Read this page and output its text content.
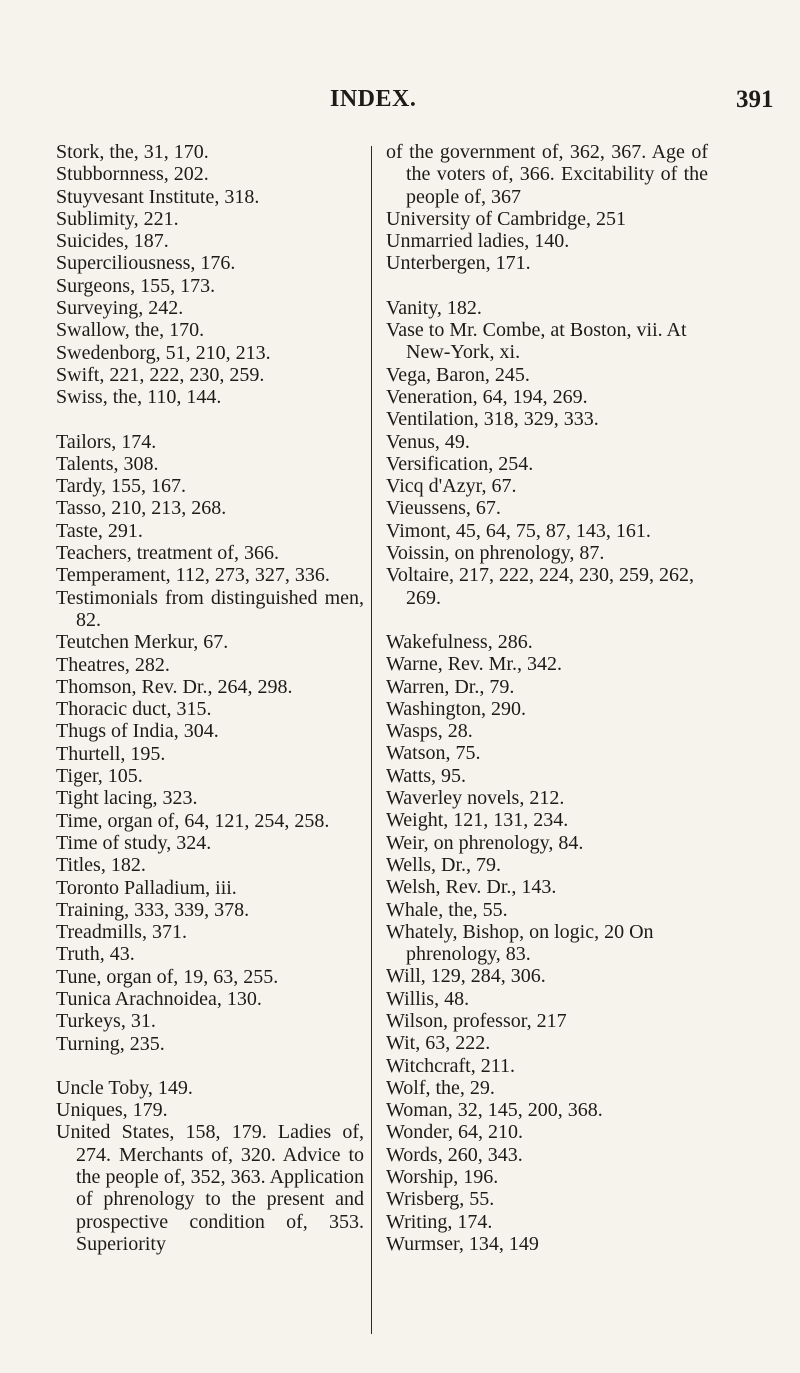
INDEX.	391
Stork, the, 31, 170.
Stubbornness, 202.
Stuyvesant Institute, 318.
Sublimity, 221.
Suicides, 187.
Superciliousness, 176.
Surgeons, 155, 173.
Surveying, 242.
Swallow, the, 170.
Swedenborg, 51, 210, 213.
Swift, 221, 222, 230, 259.
Swiss, the, 110, 144.
Tailors, 174.
Talents, 308.
Tardy, 155, 167.
Tasso, 210, 213, 268.
Taste, 291.
Teachers, treatment of, 366.
Temperament, 112, 273, 327, 336.
Testimonials from distinguished men, 82.
Teutchen Merkur, 67.
Theatres, 282.
Thomson, Rev. Dr., 264, 298.
Thoracic duct, 315.
Thugs of India, 304.
Thurtell, 195.
Tiger, 105.
Tight lacing, 323.
Time, organ of, 64, 121, 254, 258.
Time of study, 324.
Titles, 182.
Toronto Palladium, iii.
Training, 333, 339, 378.
Treadmills, 371.
Truth, 43.
Tune, organ of, 19, 63, 255.
Tunica Arachnoidea, 130.
Turkeys, 31.
Turning, 235.
Uncle Toby, 149.
Uniques, 179.
United States, 158, 179. Ladies of, 274. Merchants of, 320. Advice to the people of, 352, 363. Application of phrenology to the present and prospective condition of, 353. Superiority
of the government of, 362, 367. Age of the voters of, 366. Excitability of the people of, 367
University of Cambridge, 251
Unmarried ladies, 140.
Unterbergen, 171.
Vanity, 182.
Vase to Mr. Combe, at Boston, vii. At New-York, xi.
Vega, Baron, 245.
Veneration, 64, 194, 269.
Ventilation, 318, 329, 333.
Venus, 49.
Versification, 254.
Vicq d'Azyr, 67.
Vieussens, 67.
Vimont, 45, 64, 75, 87, 143, 161.
Voissin, on phrenology, 87.
Voltaire, 217, 222, 224, 230, 259, 262, 269.
Wakefulness, 286.
Warne, Rev. Mr., 342.
Warren, Dr., 79.
Washington, 290.
Wasps, 28.
Watson, 75.
Watts, 95.
Waverley novels, 212.
Weight, 121, 131, 234.
Weir, on phrenology, 84.
Wells, Dr., 79.
Welsh, Rev. Dr., 143.
Whale, the, 55.
Whately, Bishop, on logic, 20 On phrenology, 83.
Will, 129, 284, 306.
Willis, 48.
Wilson, professor, 217
Wit, 63, 222.
Witchcraft, 211.
Wolf, the, 29.
Woman, 32, 145, 200, 368.
Wonder, 64, 210.
Words, 260, 343.
Worship, 196.
Wrisberg, 55.
Writing, 174.
Wurmser, 134, 149
